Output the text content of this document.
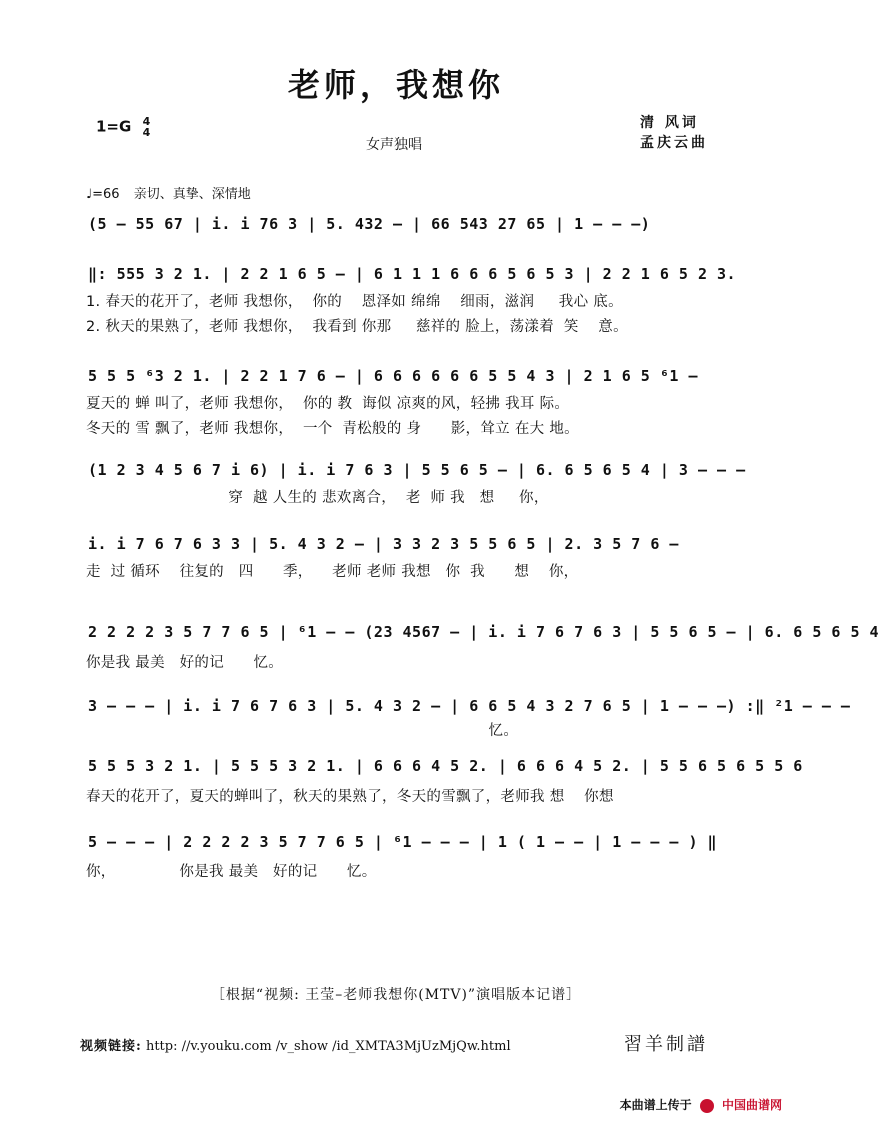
老师，我想你
1=G 4
4
女声独唱
清 风词
孟庆云曲
♩=66 亲切、真挚、深情地
(5 – 55 67 | i. i 76 3 | 5. 432 – | 66 543 27 65 | 1 – – –)
‖: 555 3 2 1. | 2 2 1 6 5 – | 6 1 1 1 6 6 6 5 6 5 3 | 2 2 1 6 5 2 3.
1. 春天的花开了，老师 我想你，  你的    恩泽如 绵绵    细雨，滋润     我心 底。
2. 秋天的果熟了，老师 我想你，  我看到 你那     慈祥的 脸上，荡漾着  笑    意。
5 5 5 ⁶3 2 1. | 2 2 1 7 6 – | 6 6 6 6 6 6 5 5 4 3 | 2 1 6 5 ⁶1 –
夏天的 蝉 叫了，老师 我想你，  你的 教  诲似 凉爽的风，轻拂 我耳 际。
冬天的 雪 飘了，老师 我想你，  一个  青松般的 身      影，耸立 在大 地。
(1 2 3 4 5 6 7 i 6) | i. i 7 6 3 | 5 5 6 5 – | 6. 6 5 6 5 4 | 3 – – –
穿  越 人生的 悲欢离合，  老  师 我   想     你，
i. i 7 6 7 6 3 3 | 5. 4 3 2 – | 3 3 2 3 5 5 6 5 | 2. 3 5 7 6 –
走  过 循环    往复的   四      季，    老师 老师 我想   你  我      想    你，
2 2 2 2 3 5 7 7 6 5 | ⁶1 – – (23 4567 – | i. i 7 6 7 6 3 | 5 5 6 5 – | 6. 6 5 6 5 4
你是我 最美   好的记      忆。
3 – – – | i. i 7 6 7 6 3 | 5. 4 3 2 – | 6 6 5 4 3 2 7 6 5 | 1 – – –) :‖ ²1 – – –
忆。
5 5 5 3 2 1. | 5 5 5 3 2 1. | 6 6 6 4 5 2. | 6 6 6 4 5 2. | 5 5 6 5 6 5 5 6
春天的花开了，夏天的蝉叫了，秋天的果熟了，冬天的雪飘了，老师我 想    你想
5 – – – | 2 2 2 2 3 5 7 7 6 5 | ⁶1 – – – | 1 ( 1 – – | 1 – – – ) ‖
你，             你是我 最美   好的记      忆。
［根据“视频: 王莹–老师我想你(MTV)”演唱版本记谱］
视频链接: http: //v.youku.com /v_show /id_XMTA3MjUzMjQw.html	習羊制譜
本曲谱上传于	中国曲谱网
